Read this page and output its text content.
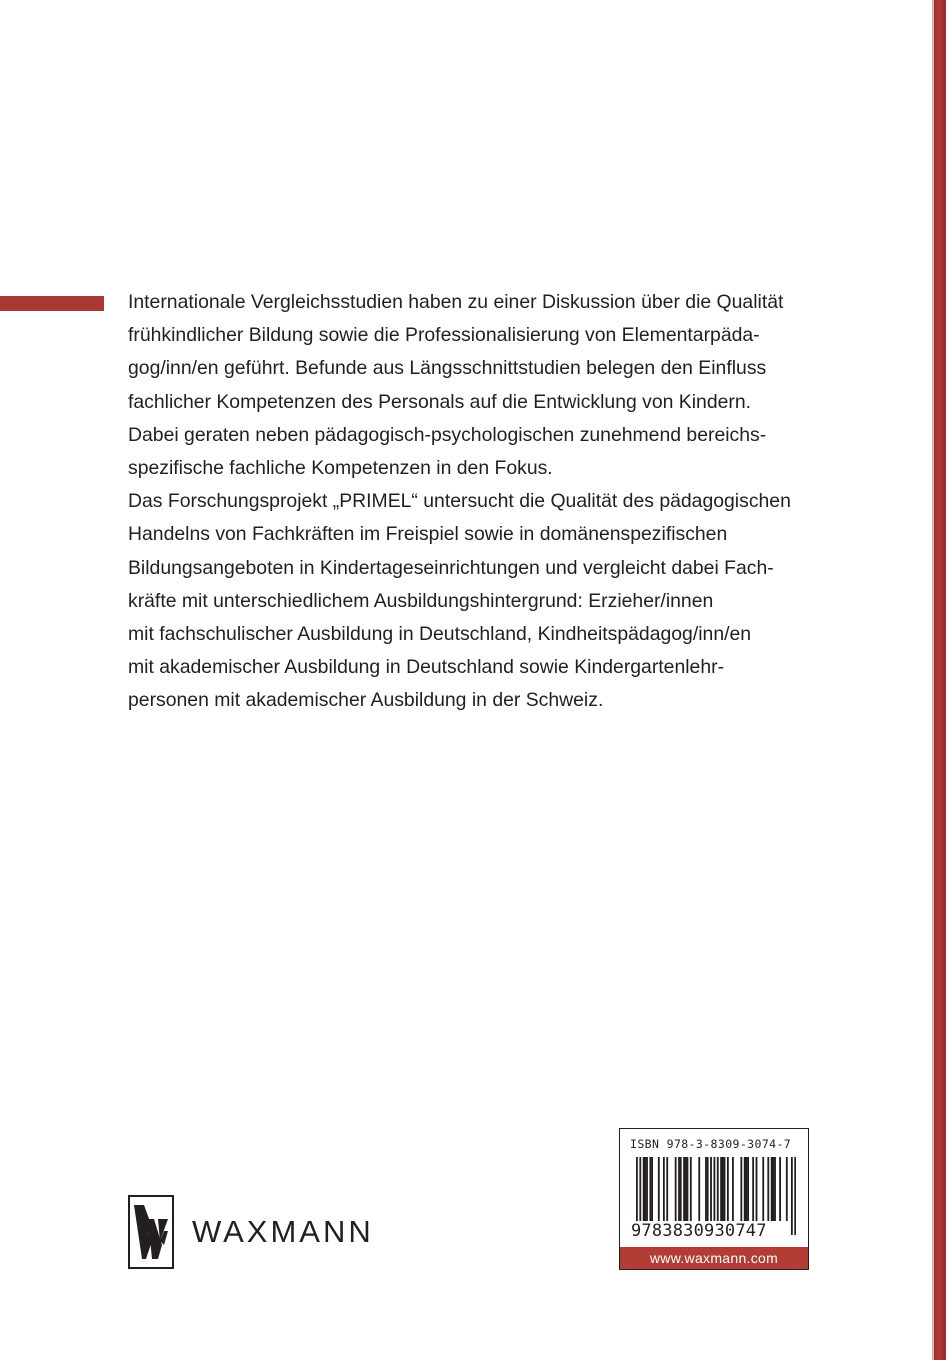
Internationale Vergleichsstudien haben zu einer Diskussion über die Qualität
frühkindlicher Bildung sowie die Professionalisierung von Elementarpäda-
gog/inn/en geführt. Befunde aus Längsschnittstudien belegen den Einfluss
fachlicher Kompetenzen des Personals auf die Entwicklung von Kindern.
Dabei geraten neben pädagogisch-psychologischen zunehmend bereichs-
spezifische fachliche Kompetenzen in den Fokus.
Das Forschungsprojekt „PRIMEL“ untersucht die Qualität des pädagogischen
Handelns von Fachkräften im Freispiel sowie in domänenspezifischen
Bildungsangeboten in Kindertageseinrichtungen und vergleicht dabei Fach-
kräfte mit unterschiedlichem Ausbildungshintergrund: Erzieher/innen
mit fachschulischer Ausbildung in Deutschland, Kindheitspädagog/inn/en
mit akademischer Ausbildung in Deutschland sowie Kindergartenlehr-
personen mit akademischer Ausbildung in der Schweiz.
WAXMANN
ISBN 978-3-8309-3074-7
9783830930747
www.waxmann.com
